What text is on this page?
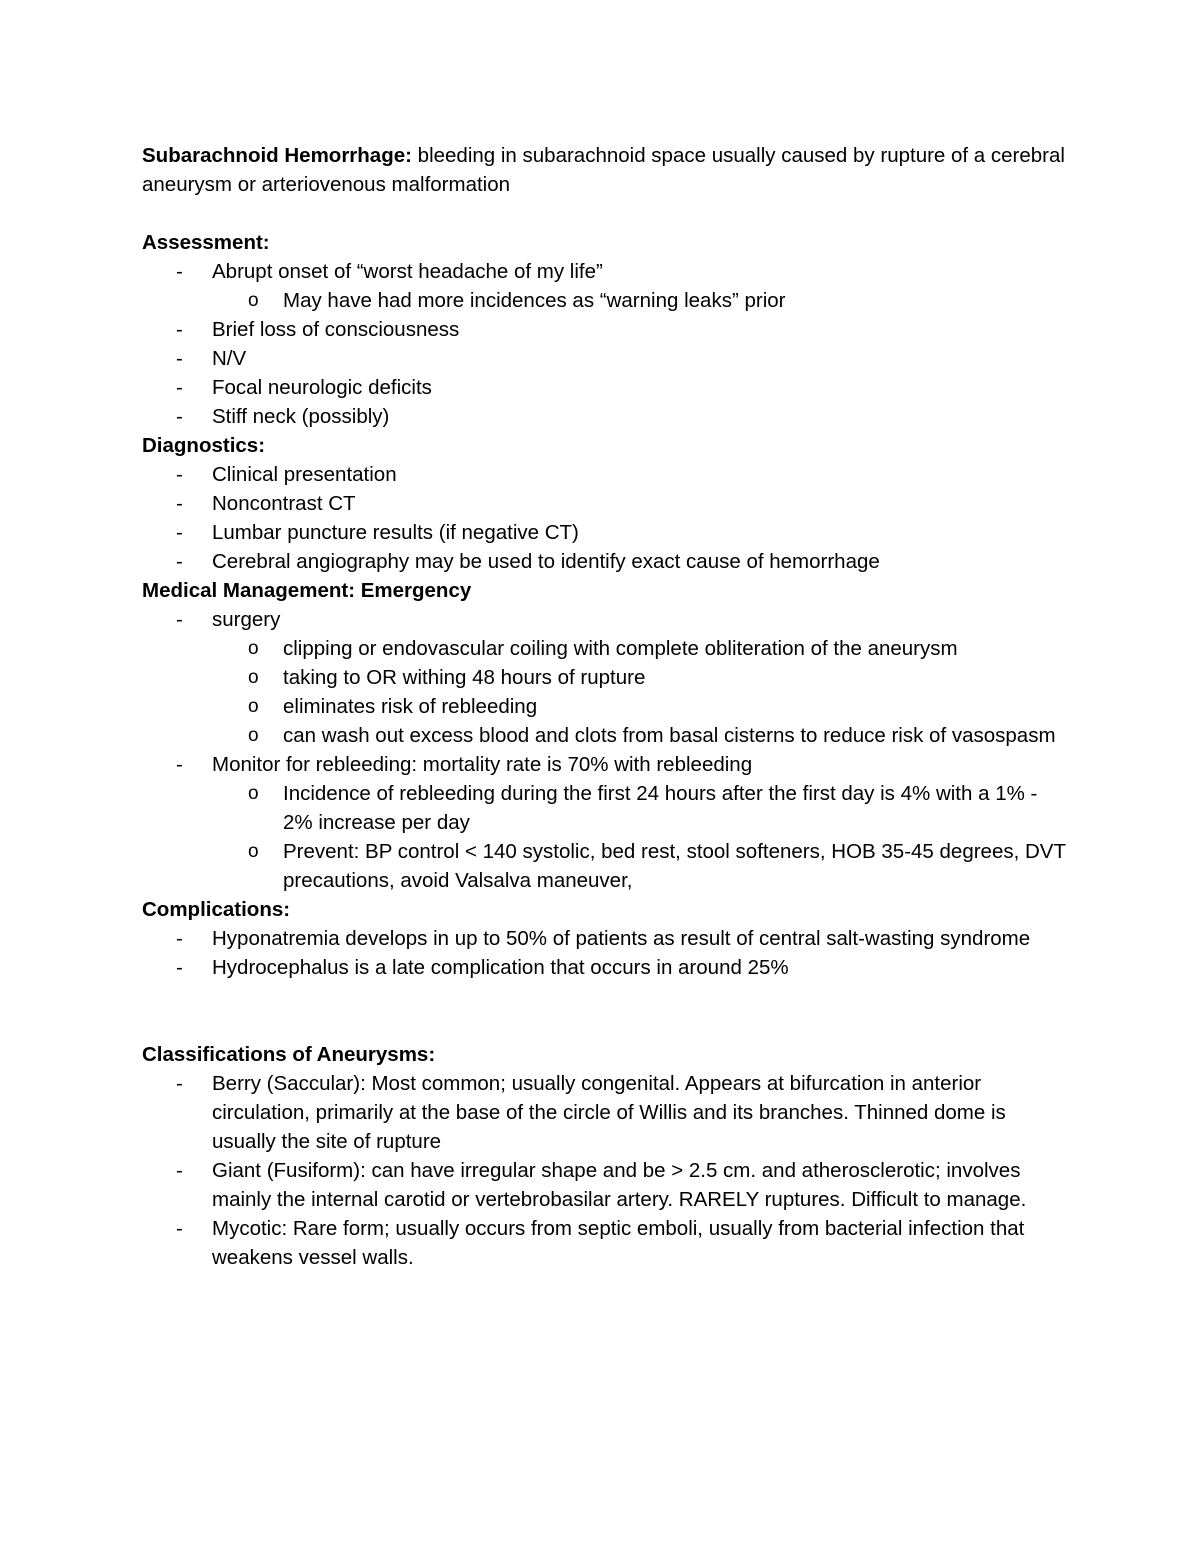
Subarachnoid Hemorrhage: bleeding in subarachnoid space usually caused by rupture of a cerebral aneurysm or arteriovenous malformation

Assessment:
- Abrupt onset of “worst headache of my life”
o May have had more incidences as “warning leaks” prior
- Brief loss of consciousness
- N/V
- Focal neurologic deficits
- Stiff neck (possibly)
Diagnostics:
- Clinical presentation
- Noncontrast CT
- Lumbar puncture results (if negative CT)
- Cerebral angiography may be used to identify exact cause of hemorrhage
Medical Management: Emergency
- surgery
o clipping or endovascular coiling with complete obliteration of the aneurysm
o taking to OR withing 48 hours of rupture
o eliminates risk of rebleeding
o can wash out excess blood and clots from basal cisterns to reduce risk of vasospasm
- Monitor for rebleeding: mortality rate is 70% with rebleeding
o Incidence of rebleeding during the first 24 hours after the first day is 4% with a 1% - 2% increase per day
o Prevent: BP control < 140 systolic, bed rest, stool softeners, HOB 35-45 degrees, DVT precautions, avoid Valsalva maneuver,
Complications:
- Hyponatremia develops in up to 50% of patients as result of central salt-wasting syndrome
- Hydrocephalus is a late complication that occurs in around 25%
Classifications of Aneurysms:
- Berry (Saccular): Most common; usually congenital. Appears at bifurcation in anterior circulation, primarily at the base of the circle of Willis and its branches. Thinned dome is usually the site of rupture
- Giant (Fusiform): can have irregular shape and be > 2.5 cm. and atherosclerotic; involves mainly the internal carotid or vertebrobasilar artery. RARELY ruptures. Difficult to manage.
- Mycotic: Rare form; usually occurs from septic emboli, usually from bacterial infection that weakens vessel walls.
